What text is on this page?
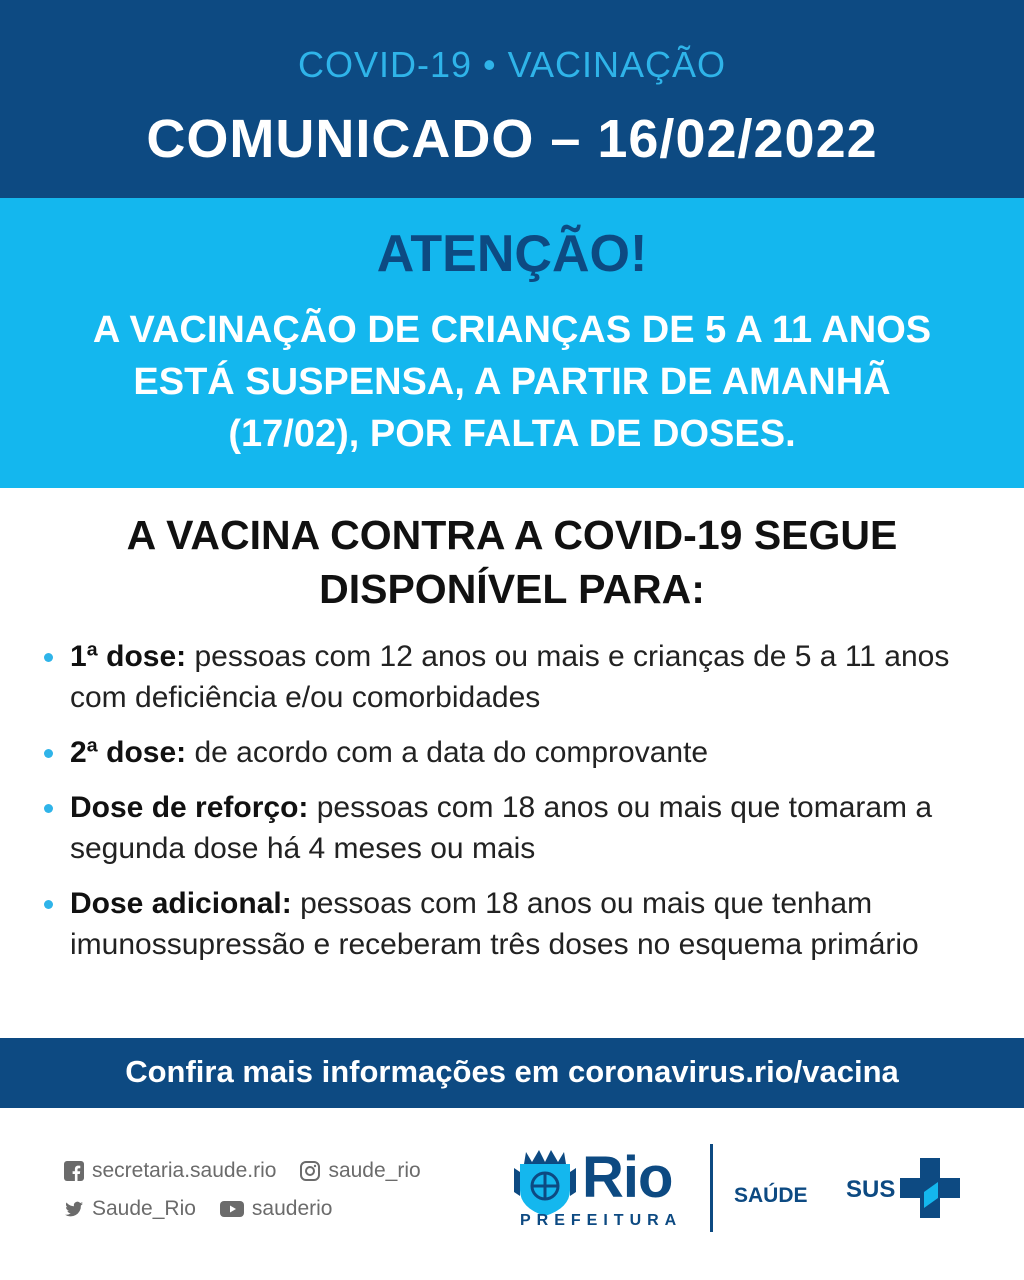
COVID-19 • VACINAÇÃO
COMUNICADO – 16/02/2022
ATENÇÃO!
A VACINAÇÃO DE CRIANÇAS DE 5 A 11 ANOS
ESTÁ SUSPENSA, A PARTIR DE AMANHÃ
(17/02), POR FALTA DE DOSES.
A VACINA CONTRA A COVID-19 SEGUE
DISPONÍVEL PARA:
1ª dose: pessoas com 12 anos ou mais e crianças de 5 a 11 anos com deficiência e/ou comorbidades
2ª dose: de acordo com a data do comprovante
Dose de reforço: pessoas com 18 anos ou mais que tomaram a segunda dose há 4 meses ou mais
Dose adicional: pessoas com 18 anos ou mais que tenham imunossupressão e receberam três doses no esquema primário
Confira mais informações em coronavirus.rio/vacina
secretaria.saude.rio saude_rio
Saude_Rio	sauderio	Rio
PREFEITURA
SAÚDE SUS
